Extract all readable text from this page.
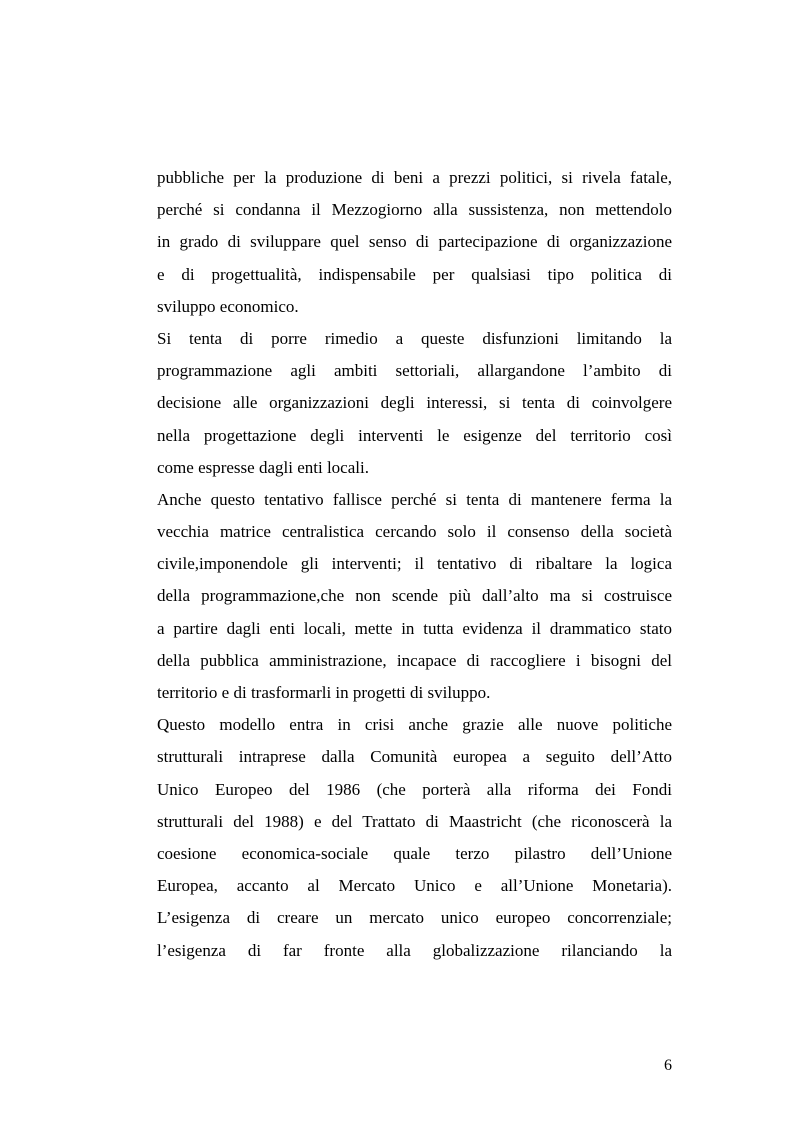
pubbliche per la produzione di beni a prezzi politici, si rivela fatale,
perché si condanna il Mezzogiorno alla sussistenza, non mettendolo
in grado di sviluppare quel senso di partecipazione di organizzazione
e di progettualità, indispensabile per qualsiasi tipo politica di
sviluppo economico.
Si tenta di porre rimedio a queste disfunzioni limitando la
programmazione agli ambiti settoriali, allargandone l’ambito di
decisione alle organizzazioni degli interessi, si tenta di coinvolgere
nella progettazione degli interventi le esigenze del territorio così
come espresse dagli enti locali.
Anche questo tentativo fallisce perché si tenta di mantenere ferma la
vecchia matrice centralistica cercando solo il consenso della società
civile,imponendole gli interventi; il tentativo di ribaltare la logica
della programmazione,che non scende più dall’alto ma si costruisce
a partire dagli enti locali, mette in tutta evidenza il drammatico stato
della pubblica amministrazione, incapace di raccogliere i bisogni del
territorio e di trasformarli in progetti di sviluppo.
Questo modello entra in crisi anche grazie alle nuove politiche
strutturali intraprese dalla Comunità europea a seguito dell’Atto
Unico Europeo del 1986 (che porterà alla riforma dei Fondi
strutturali del 1988) e del Trattato di Maastricht (che riconoscerà la
coesione economica-sociale quale terzo pilastro dell’Unione
Europea, accanto al Mercato Unico e all’Unione Monetaria).
L’esigenza di creare un mercato unico europeo concorrenziale;
l’esigenza di far fronte alla globalizzazione rilanciando la
6
